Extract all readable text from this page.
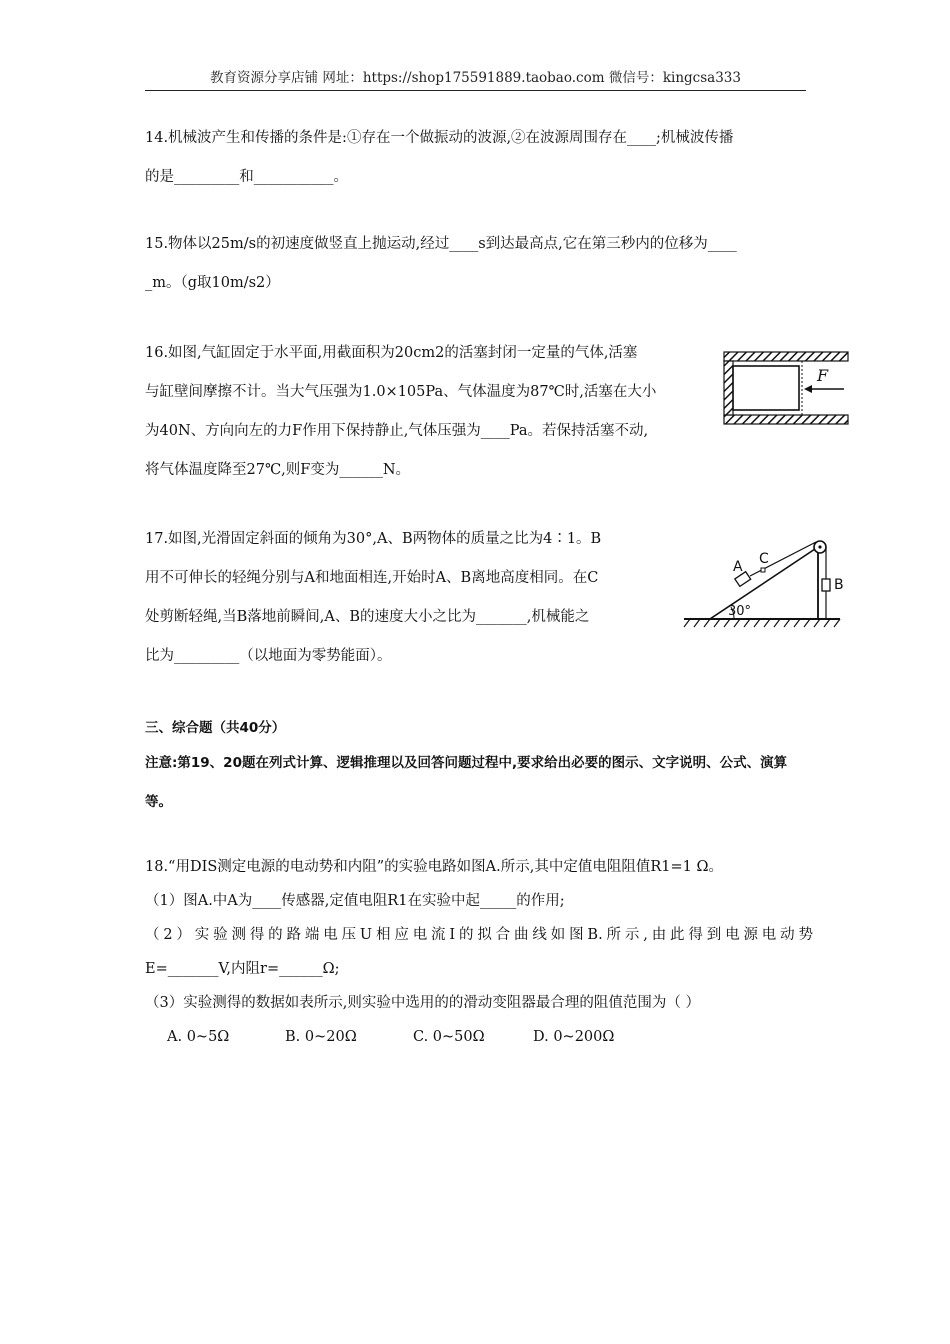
教育资源分享店铺 网址：https://shop175591889.taobao.com 微信号：kingcsa333
14.机械波产生和传播的条件是:①存在一个做振动的波源,②在波源周围存在____;机械波传播
的是_________和___________。
15.物体以25m/s的初速度做竖直上抛运动,经过____s到达最高点,它在第三秒内的位移为____
_m。（g取10m/s2）
16.如图,气缸固定于水平面,用截面积为20cm2的活塞封闭一定量的气体,活塞
与缸壁间摩擦不计。当大气压强为1.0×105Pa、气体温度为87℃时,活塞在大小
为40N、方向向左的力F作用下保持静止,气体压强为____Pa。若保持活塞不动,
将气体温度降至27℃,则F变为______N。
F
17.如图,光滑固定斜面的倾角为30°,A、B两物体的质量之比为4∶1。B
用不可伸长的轻绳分别与A和地面相连,开始时A、B离地高度相同。在C
处剪断轻绳,当B落地前瞬间,A、B的速度大小之比为_______,机械能之
比为_________（以地面为零势能面）。
A C
B
30°
三、综合题（共40分）
注意:第19、20题在列式计算、逻辑推理以及回答问题过程中,要求给出必要的图示、文字说明、公式、演算
等。
18.“用DIS测定电源的电动势和内阻”的实验电路如图A.所示,其中定值电阻阻值R1=1 Ω。
（1）图A.中A为____传感器,定值电阻R1在实验中起_____的作用;
（2）实验测得的路端电压U相应电流I的拟合曲线如图B.所示,由此得到电源电动势
E=_______V,内阻r=______Ω;
（3）实验测得的数据如表所示,则实验中选用的的滑动变阻器最合理的阻值范围为（ ）
A. 0~5Ω	B. 0~20Ω	C. 0~50Ω	D. 0~200Ω
